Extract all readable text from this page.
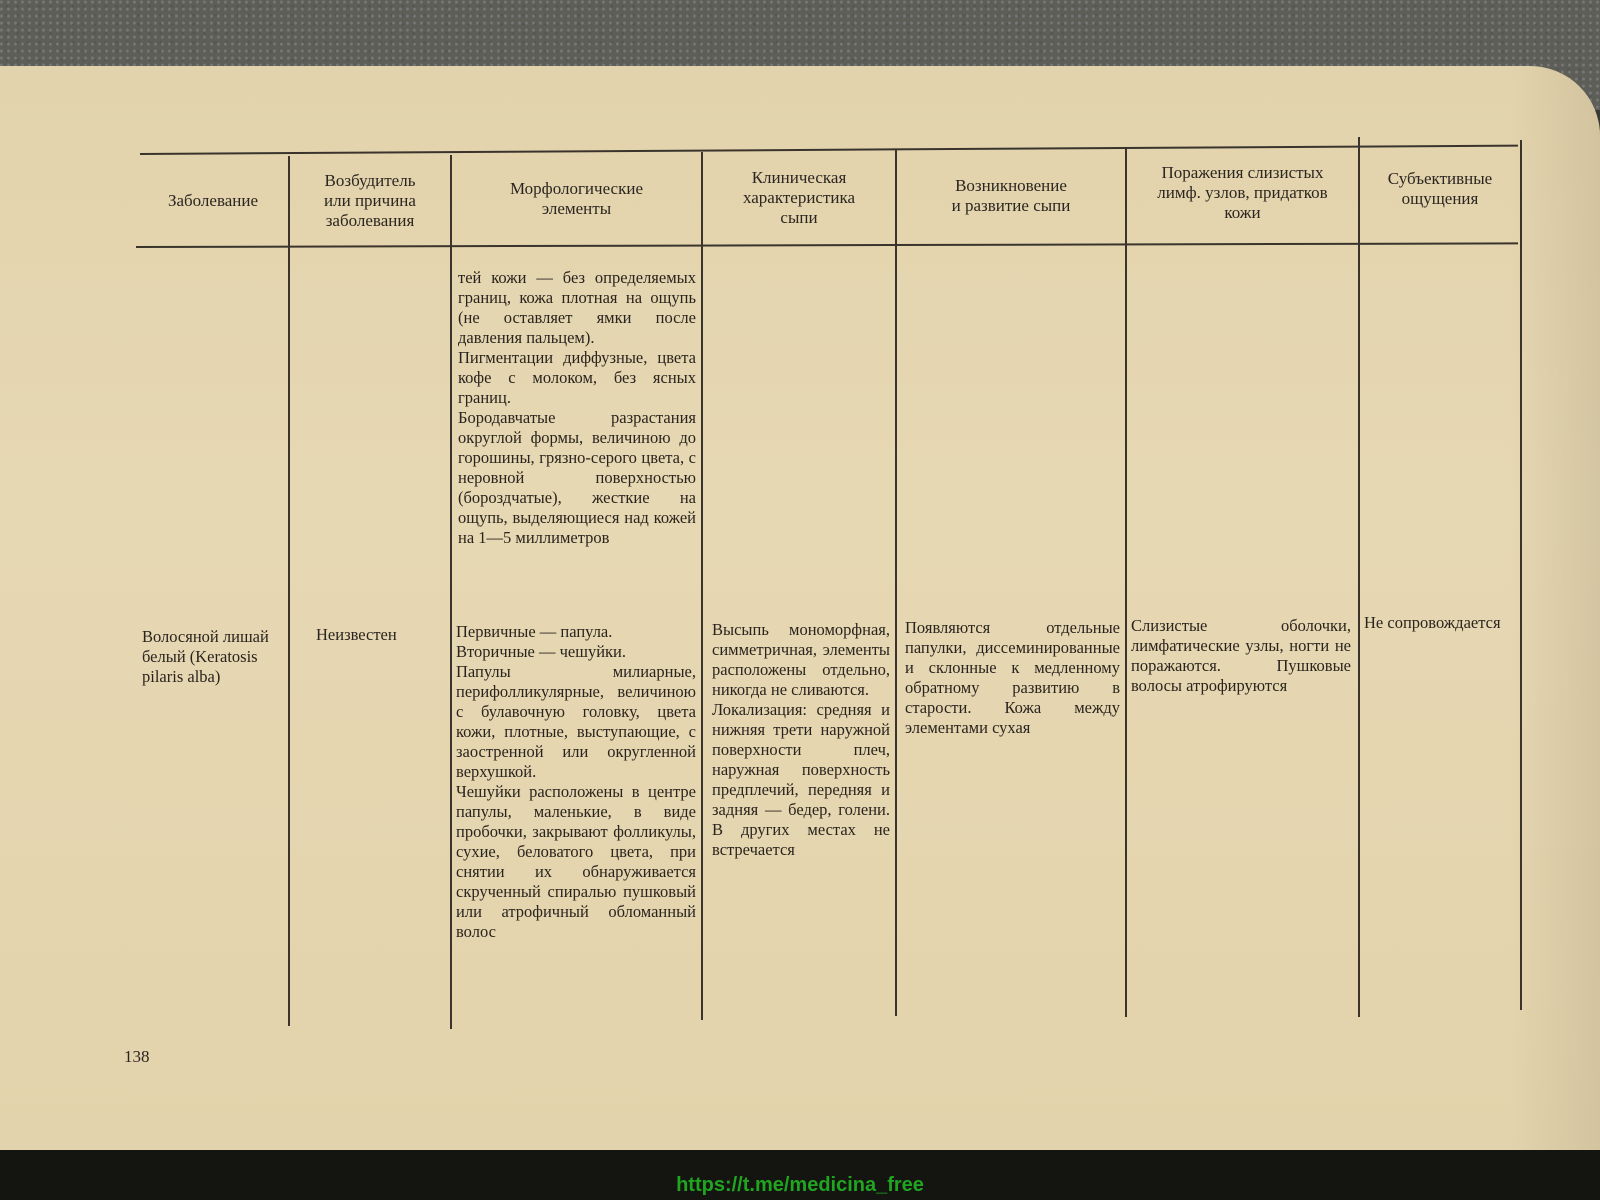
Заболевание
Возбудитель
или причина
заболевания
Морфологические
элементы
Клиническая
характеристика
сыпи
Возникновение
и развитие сыпи
Поражения слизистых
лимф. узлов, придатков
кожи
Субъективные
ощущения
тей кожи — без определяемых границ, кожа плотная на ощупь (не оставляет ямки после давления пальцем).
Пигментации диффузные, цвета кофе с молоком, без ясных границ.
Бородавчатые разрастания округлой формы, величиною до горошины, грязно-серого цвета, с неровной поверхностью (бороздчатые), жесткие на ощупь, выделяющиеся над кожей на 1—5 миллиметров
Волосяной лишай белый (Keratosis pilaris alba)
Неизвестен	Первичные — папула.
Вторичные — чешуйки.
Папулы милиарные, перифолликулярные, величиною с булавочную головку, цвета кожи, плотные, выступающие, с заостренной или округленной верхушкой.
Чешуйки расположены в центре папулы, маленькие, в виде пробочки, закрывают фолликулы, сухие, беловатого цвета, при снятии их обнаруживается скрученный спиралью пушковый или атрофичный обломанный волос
Высыпь мономорфная, симметричная, элементы расположены отдельно, никогда не сливаются.
Локализация: средняя и нижняя трети наружной поверхности плеч, наружная поверхность предплечий, передняя и задняя — бедер, голени. В других местах не встречается
Появляются отдельные папулки, диссеминированные и склонные к медленному обратному развитию в старости. Кожа между элементами сухая
Слизистые оболочки, лимфатические узлы, ногти не поражаются. Пушковые волосы атрофируются
Не сопровождается
138
https://t.me/medicina_free
